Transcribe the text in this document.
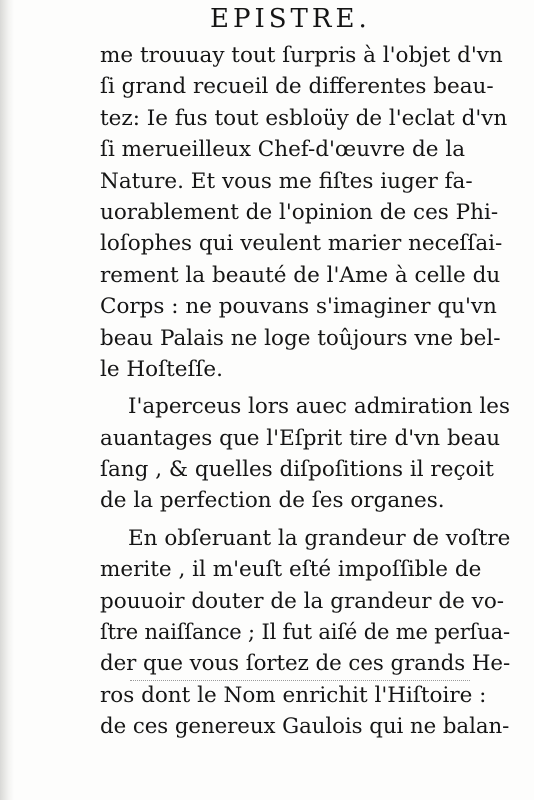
EPISTRE.
me trouuay tout ſurpris à l'objet d'vn
ſi grand recueil de differentes beau-
tez: Ie fus tout esbloüy de l'eclat d'vn
ſi merueilleux Chef-d'œuvre de la
Nature. Et vous me fiſtes iuger fa-
uorablement de l'opinion de ces Phi-
loſophes qui veulent marier neceſſai-
rement la beauté de l'Ame à celle du
Corps : ne pouvans s'imaginer qu'vn
beau Palais ne loge toûjours vne bel-
le Hoſteſſe.
I'aperceus lors auec admiration les
auantages que l'Eſprit tire d'vn beau
ſang , & quelles diſpoſitions il reçoit
de la perfection de ſes organes.
En obſeruant la grandeur de voſtre
merite , il m'euſt eſté impoſſible de
pouuoir douter de la grandeur de vo-
ſtre naiſſance ; Il fut aiſé de me perſua-
der que vous ſortez de ces grands He-
ros dont le Nom enrichit l'Hiſtoire :
de ces genereux Gaulois qui ne balan-
